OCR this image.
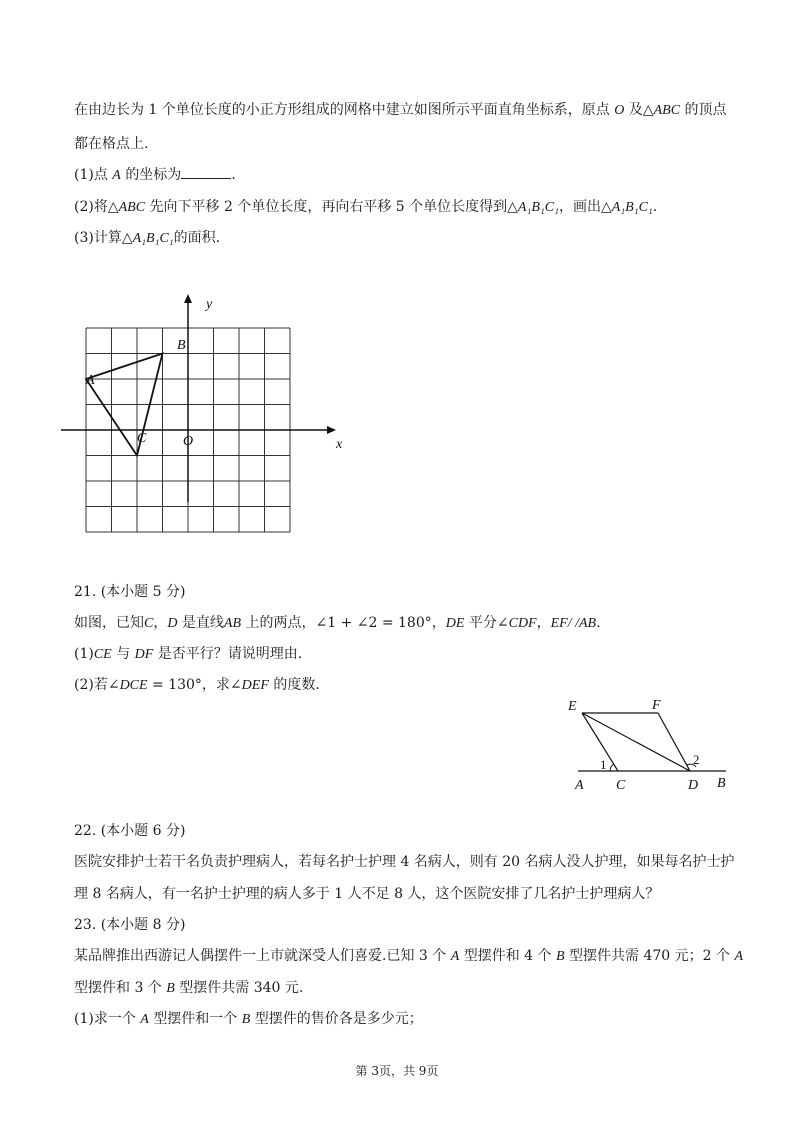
在由边长为 1 个单位长度的小正方形组成的网格中建立如图所示平面直角坐标系，原点 O 及△ABC 的顶点
都在格点上.
(1)点 A 的坐标为	.
(2)将△ABC 先向下平移 2 个单位长度，再向右平移 5 个单位长度得到△A₁B₁C₁，画出△A₁B₁C₁.
(3)计算△A₁B₁C₁的面积.
y
x
O
A
B
C
21. (本小题 5 分)
如图，已知C，D 是直线AB 上的两点，∠1 + ∠2 = 180°，DE 平分∠CDF，EF/ /AB.
(1)CE 与 DF 是否平行？请说明理由.
(2)若∠DCE = 130°，求∠DEF 的度数.
E	F
A C	D B
1	2
22. (本小题 6 分)
医院安排护士若干名负责护理病人，若每名护士护理 4 名病人，则有 20 名病人没人护理，如果每名护士护
理 8 名病人，有一名护士护理的病人多于 1 人不足 8 人，这个医院安排了几名护士护理病人？
23. (本小题 8 分)
某品牌推出西游记人偶摆件一上市就深受人们喜爱.已知 3 个 A 型摆件和 4 个 B 型摆件共需 470 元；2 个 A
型摆件和 3 个 B 型摆件共需 340 元.
(1)求一个 A 型摆件和一个 B 型摆件的售价各是多少元；
第 3页，共 9页
